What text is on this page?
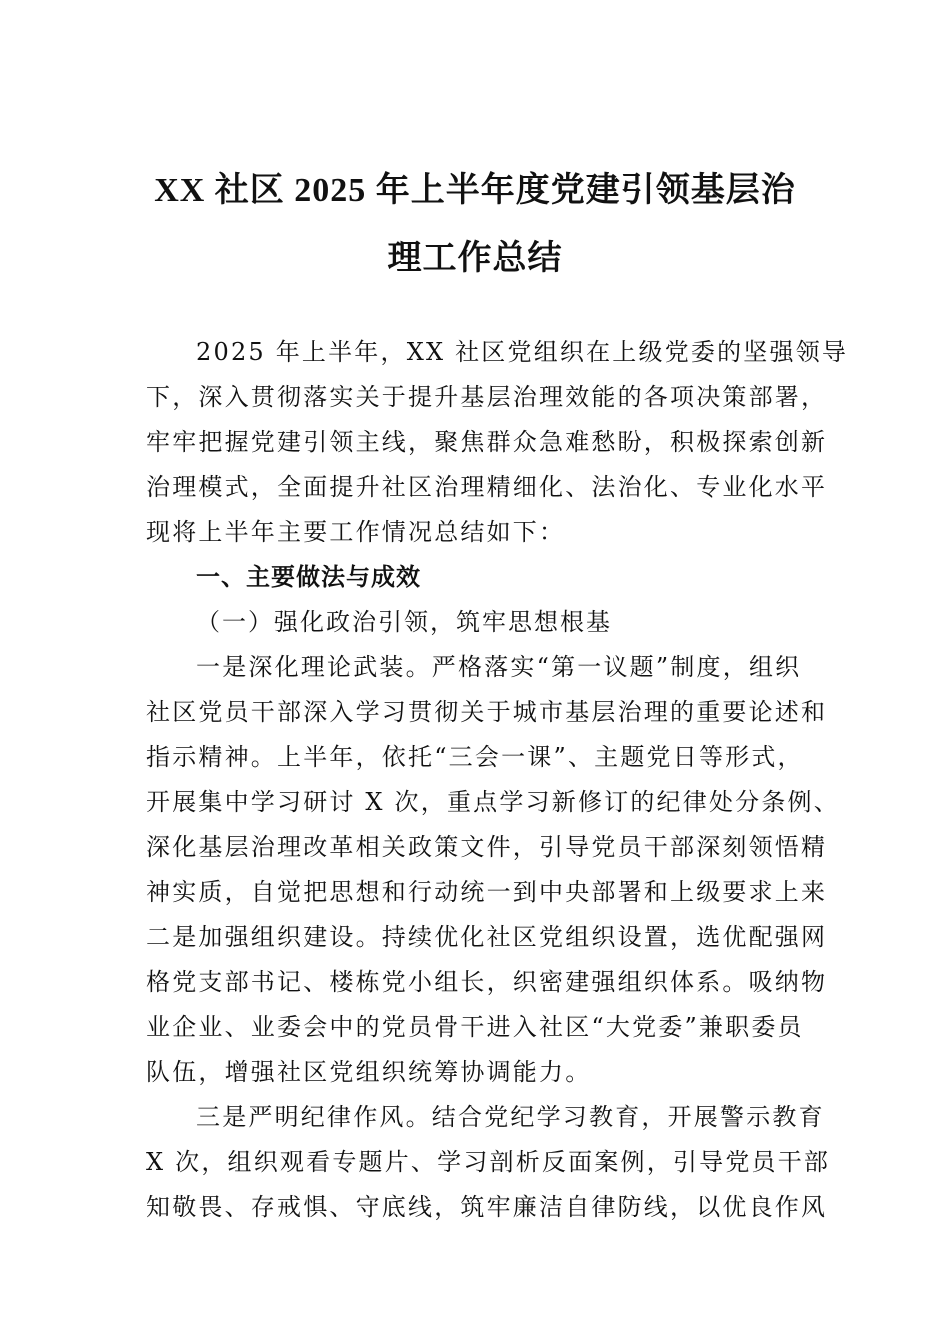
XX 社区 2025 年上半年度党建引领基层治
理工作总结
2025 年上半年，XX 社区党组织在上级党委的坚强领导
下，深入贯彻落实关于提升基层治理效能的各项决策部署，
牢牢把握党建引领主线，聚焦群众急难愁盼，积极探索创新
治理模式，全面提升社区治理精细化、法治化、专业化水平
现将上半年主要工作情况总结如下：
一、主要做法与成效
（一）强化政治引领，筑牢思想根基
一是深化理论武装。严格落实“第一议题”制度，组织
社区党员干部深入学习贯彻关于城市基层治理的重要论述和
指示精神。上半年，依托“三会一课”、主题党日等形式，
开展集中学习研讨 X 次，重点学习新修订的纪律处分条例、
深化基层治理改革相关政策文件，引导党员干部深刻领悟精
神实质，自觉把思想和行动统一到中央部署和上级要求上来
二是加强组织建设。持续优化社区党组织设置，选优配强网
格党支部书记、楼栋党小组长，织密建强组织体系。吸纳物
业企业、业委会中的党员骨干进入社区“大党委”兼职委员
队伍，增强社区党组织统筹协调能力。
三是严明纪律作风。结合党纪学习教育，开展警示教育
X 次，组织观看专题片、学习剖析反面案例，引导党员干部
知敬畏、存戒惧、守底线，筑牢廉洁自律防线，以优良作风
